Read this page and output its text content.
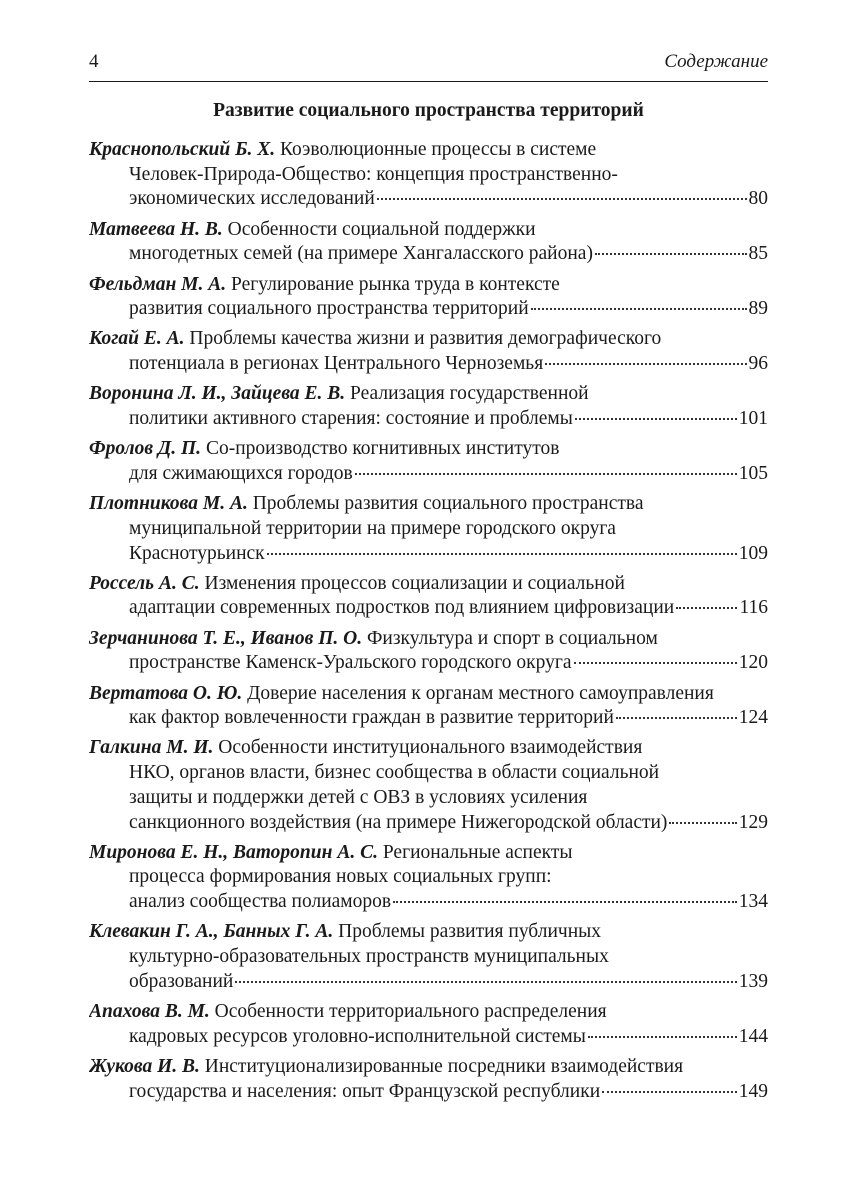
4	Содержание
Развитие социального пространства территорий
Краснопольский Б. Х. Коэволюционные процессы в системе
Человек-Природа-Общество: концепция пространственно-
экономических исследований	80
Матвеева Н. В. Особенности социальной поддержки
многодетных семей (на примере Хангаласского района)	85
Фельдман М. А. Регулирование рынка труда в контексте
развития социального пространства территорий	89
Когай Е. А. Проблемы качества жизни и развития демографического
потенциала в регионах Центрального Черноземья	96
Воронина Л. И., Зайцева Е. В. Реализация государственной
политики активного старения: состояние и проблемы	101
Фролов Д. П. Со-производство когнитивных институтов
для сжимающихся городов	105
Плотникова М. А. Проблемы развития социального пространства
муниципальной территории на примере городского округа
Краснотурьинск	109
Россель А. С. Изменения процессов социализации и социальной
адаптации современных подростков под влиянием цифровизации	116
Зерчанинова Т. Е., Иванов П. О. Физкультура и спорт в социальном
пространстве Каменск-Уральского городского округа	120
Вертатова О. Ю. Доверие населения к органам местного самоуправления
как фактор вовлеченности граждан в развитие территорий	124
Галкина М. И. Особенности институционального взаимодействия
НКО, органов власти, бизнес сообщества в области социальной
защиты и поддержки детей с ОВЗ в условиях усиления
санкционного воздействия (на примере Нижегородской области)	129
Миронова Е. Н., Ваторопин А. С. Региональные аспекты
процесса формирования новых социальных групп:
анализ сообщества полиаморов	134
Клевакин Г. А., Банных Г. А. Проблемы развития публичных
культурно-образовательных пространств муниципальных
образований	139
Апахова В. М. Особенности территориального распределения
кадровых ресурсов уголовно-исполнительной системы	144
Жукова И. В. Институционализированные посредники взаимодействия
государства и населения: опыт Французской республики	149
